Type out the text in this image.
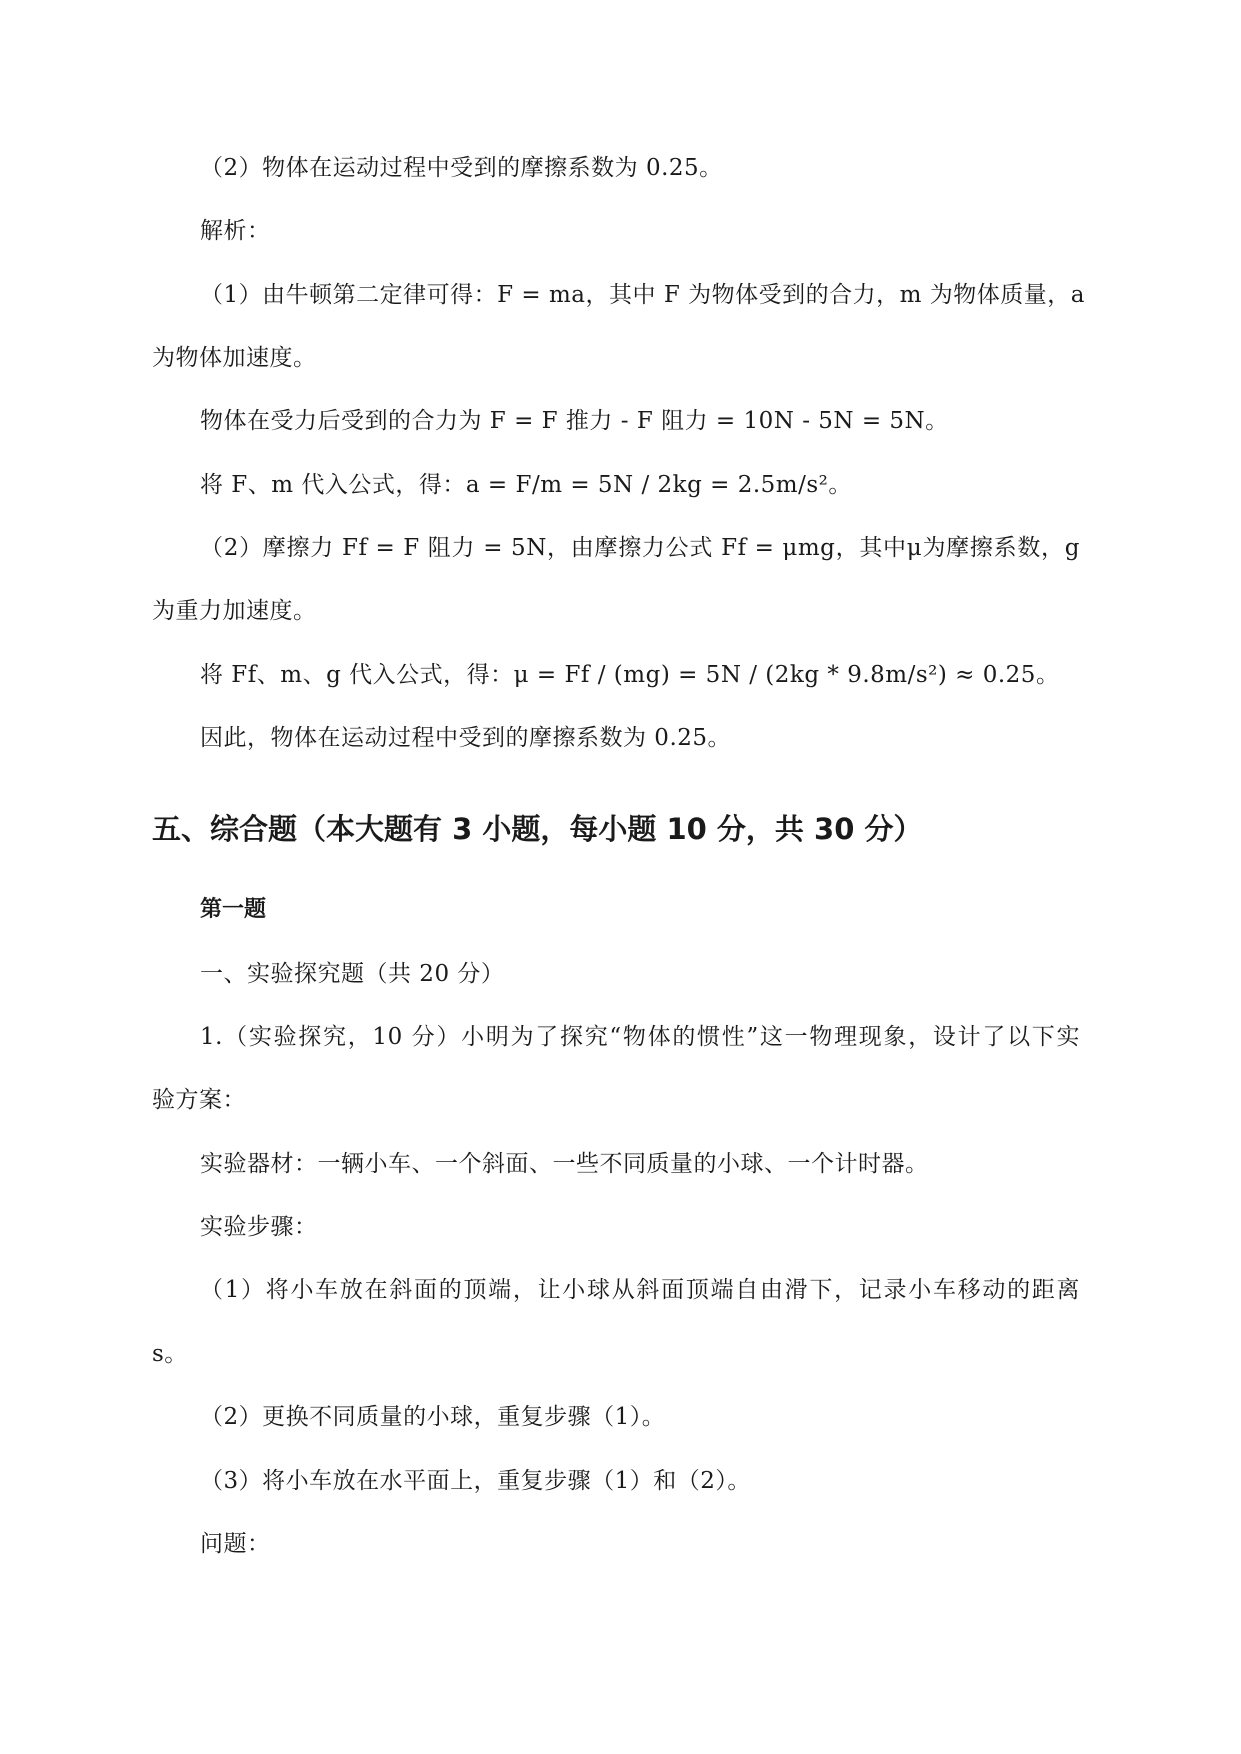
（2）物体在运动过程中受到的摩擦系数为 0.25。
解析：
（1）由牛顿第二定律可得：F = ma，其中 F 为物体受到的合力，m 为物体质量，a
为物体加速度。
物体在受力后受到的合力为 F = F 推力 - F 阻力 = 10N - 5N = 5N。
将 F、m 代入公式，得：a = F/m = 5N / 2kg = 2.5m/s²。
（2）摩擦力 Ff = F 阻力 = 5N，由摩擦力公式 Ff = μmg，其中μ为摩擦系数，g
为重力加速度。
将 Ff、m、g 代入公式，得：μ = Ff / (mg) = 5N / (2kg * 9.8m/s²) ≈ 0.25。
因此，物体在运动过程中受到的摩擦系数为 0.25。
五、综合题（本大题有 3 小题，每小题 10 分，共 30 分）
第一题
一、实验探究题（共 20 分）
1.（实验探究，10 分）小明为了探究“物体的惯性”这一物理现象，设计了以下实
验方案：
实验器材：一辆小车、一个斜面、一些不同质量的小球、一个计时器。
实验步骤：
（1）将小车放在斜面的顶端，让小球从斜面顶端自由滑下，记录小车移动的距离
s。
（2）更换不同质量的小球，重复步骤（1）。
（3）将小车放在水平面上，重复步骤（1）和（2）。
问题：
